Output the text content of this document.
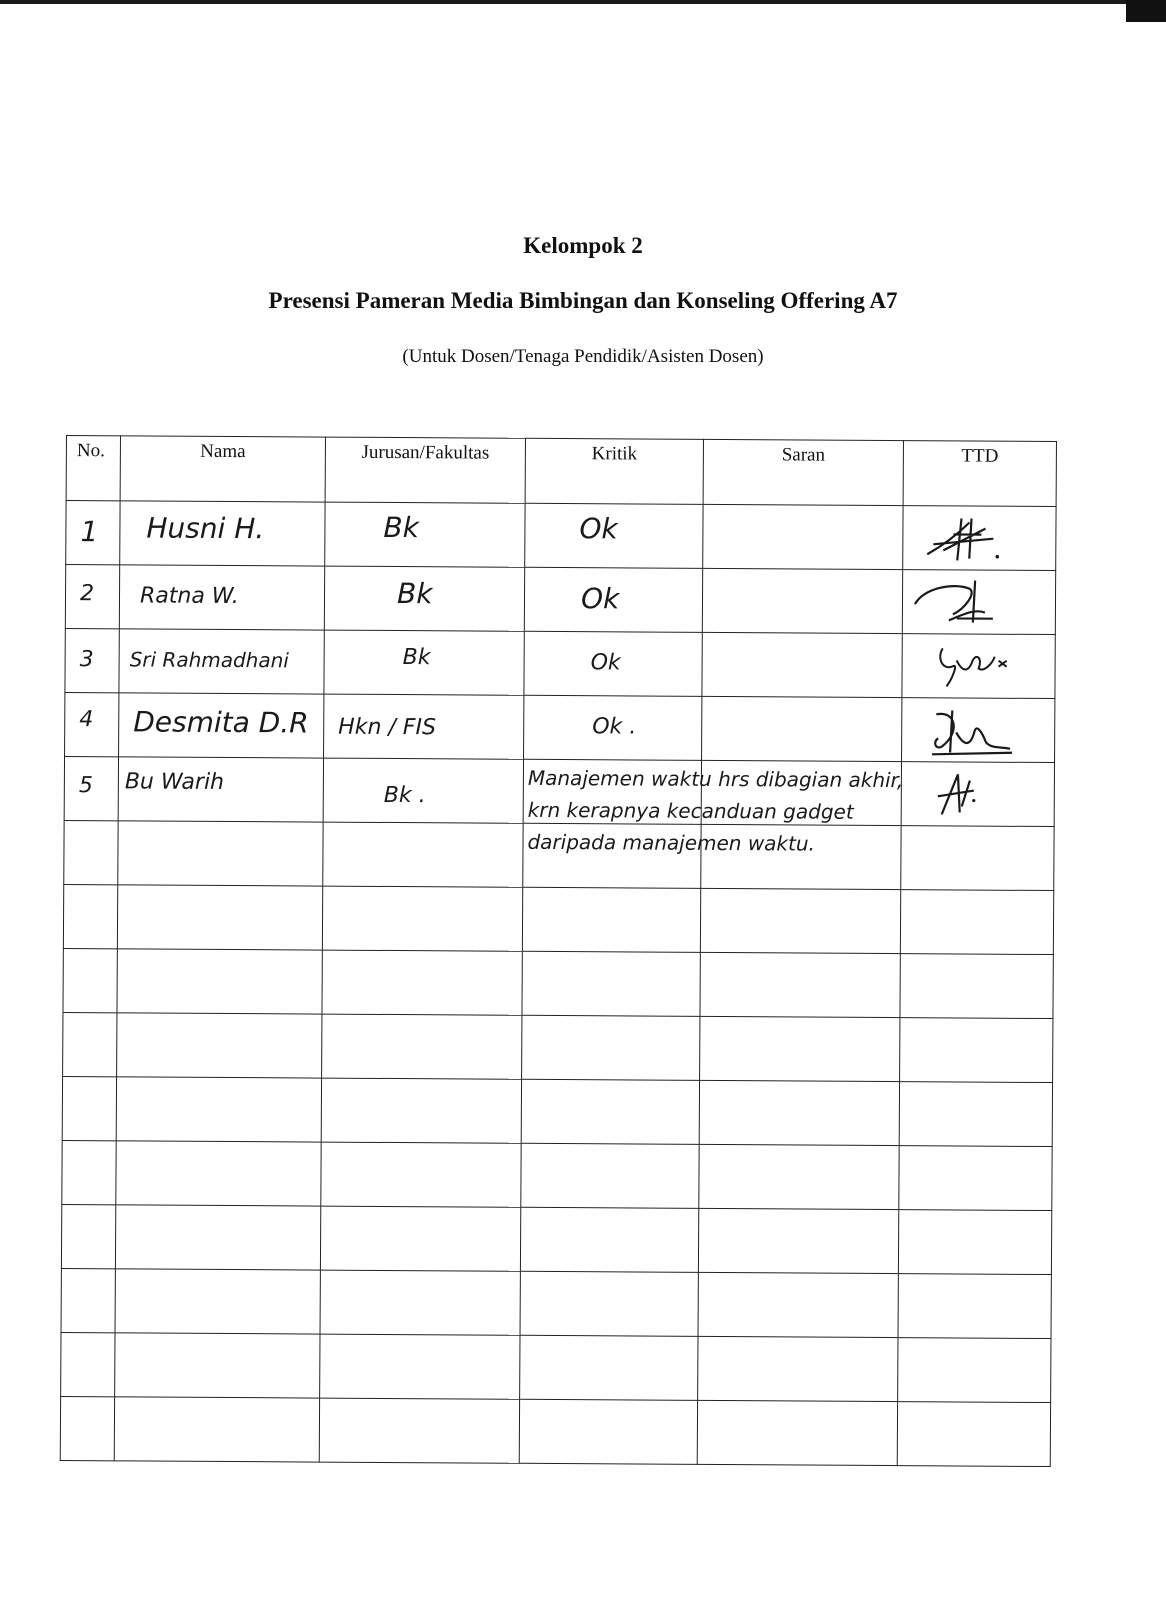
Kelompok 2
Presensi Pameran Media Bimbingan dan Konseling Offering A7
(Untuk Dosen/Tenaga Pendidik/Asisten Dosen)
No.	Nama	Jurusan/Fakultas	Kritik	Saran	TTD

1	Husni H.	Bk	Ok

2	Ratna W.	Bk	Ok

3	Sri Rahmadhani	Bk	Ok

4	Desmita D.R	Hkn / FIS	Ok .

5	Bu Warih	Bk .	Manajemen waktu hrs dibagian akhir, krn kerapnya kecanduan gadget daripada manajemen waktu.
